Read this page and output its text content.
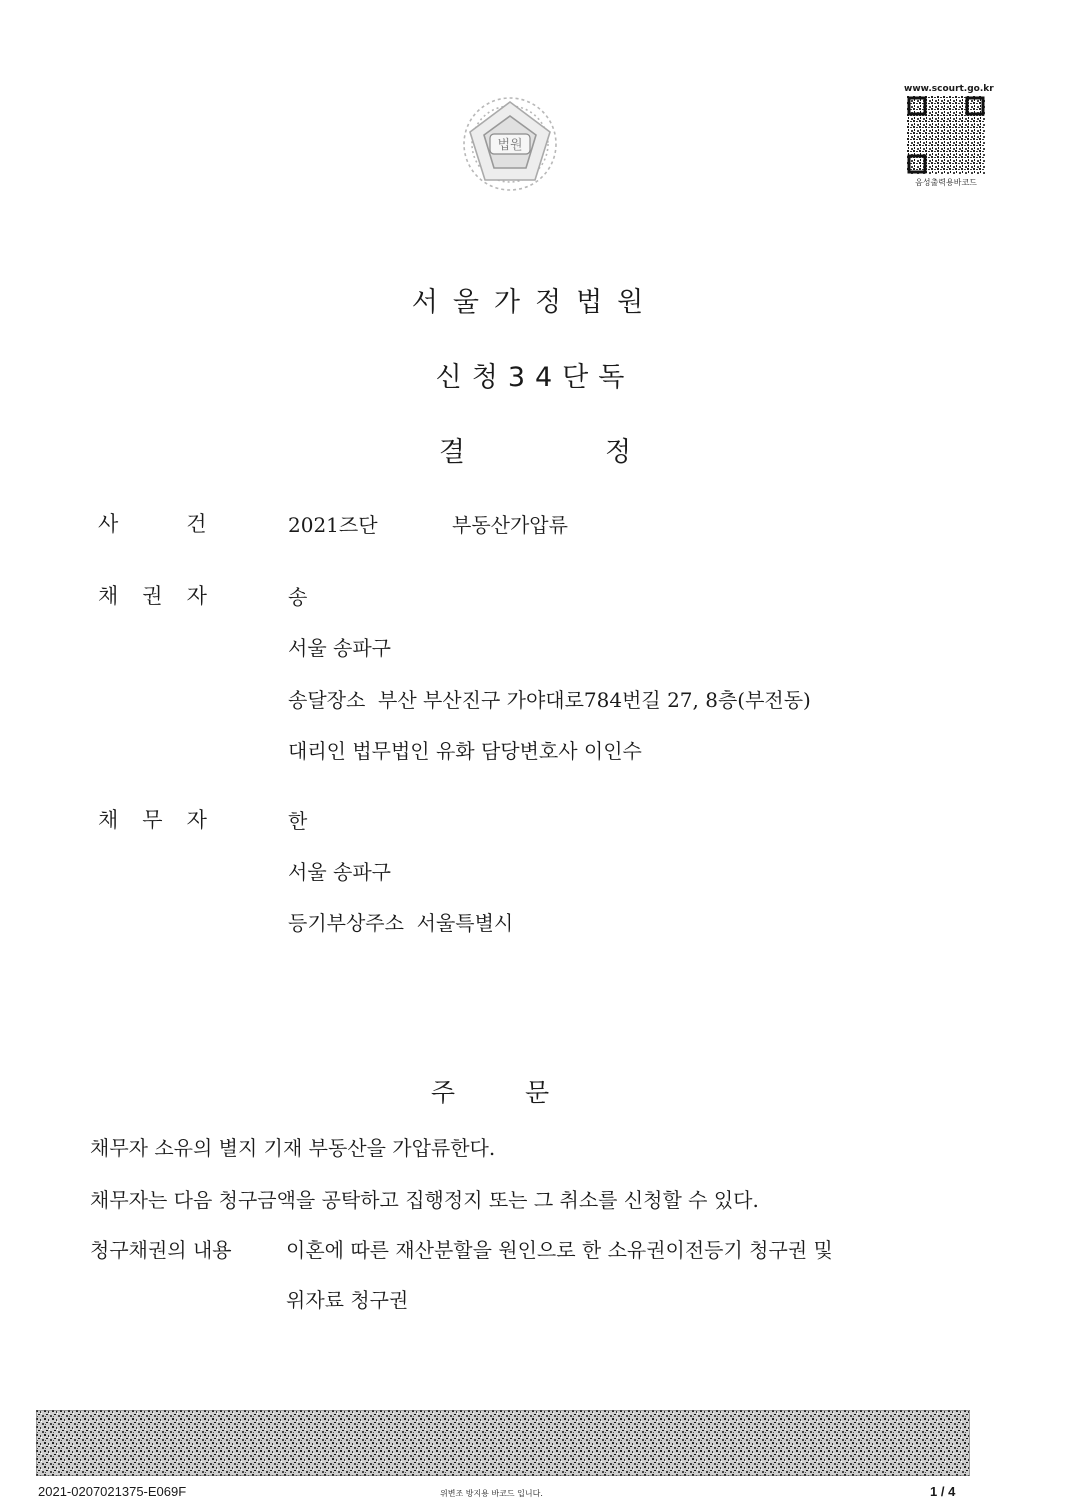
법원
www.scourt.go.kr
음성출력용바코드
서울가정법원
신청34단독
결정
사건 2021즈단	부동산가압류
채권자	송
서울 송파구
송달장소  부산 부산진구 가야대로784번길 27, 8층(부전동)
대리인 법무법인 유화 담당변호사 이인수
채무자	한
서울 송파구
등기부상주소  서울특별시
주문
채무자 소유의 별지 기재 부동산을 가압류한다.
채무자는 다음 청구금액을 공탁하고 집행정지 또는 그 취소를 신청할 수 있다.
청구채권의 내용	이혼에 따른 재산분할을 원인으로 한 소유권이전등기 청구권 및
위자료 청구권
2021-0207021375-E069F	위변조 방지용 바코드 입니다.	1 / 4
